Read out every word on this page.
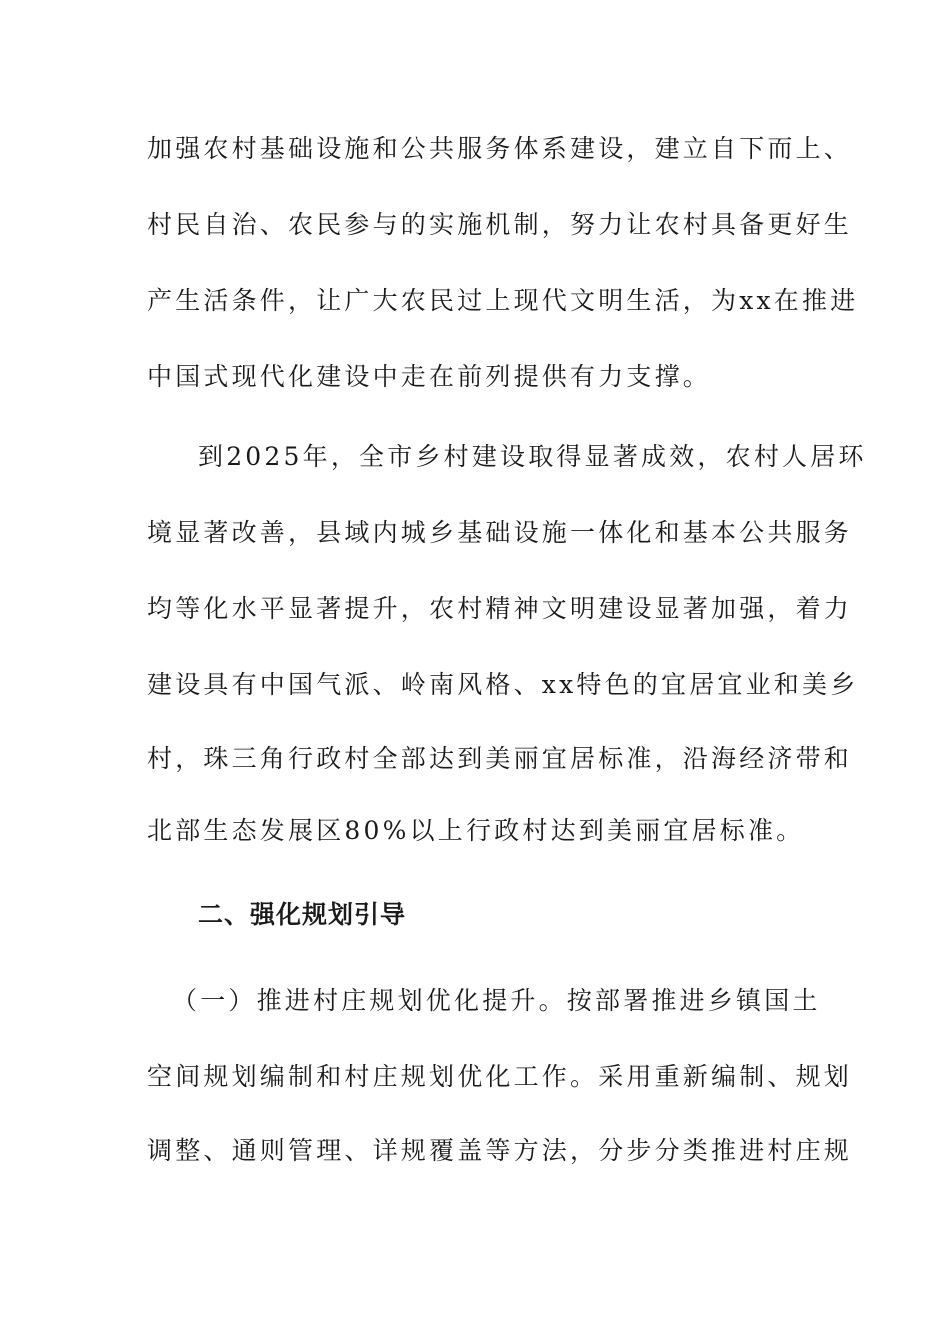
加强农村基础设施和公共服务体系建设，建立自下而上、
村民自治、农民参与的实施机制，努力让农村具备更好生
产生活条件，让广大农民过上现代文明生活，为xx在推进
中国式现代化建设中走在前列提供有力支撑。
到2025年，全市乡村建设取得显著成效，农村人居环
境显著改善，县域内城乡基础设施一体化和基本公共服务
均等化水平显著提升，农村精神文明建设显著加强，着力
建设具有中国气派、岭南风格、xx特色的宜居宜业和美乡
村，珠三角行政村全部达到美丽宜居标准，沿海经济带和
北部生态发展区80%以上行政村达到美丽宜居标准。
二、强化规划引导
（一）推进村庄规划优化提升。按部署推进乡镇国土
空间规划编制和村庄规划优化工作。采用重新编制、规划
调整、通则管理、详规覆盖等方法，分步分类推进村庄规
